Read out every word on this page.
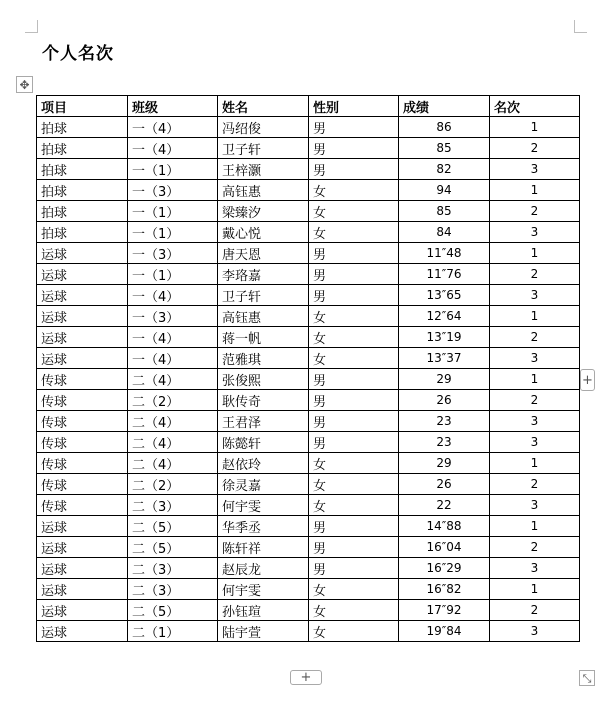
个人名次
✥
项目	班级	姓名	性别	成绩	名次
拍球	一（4）	冯绍俊	男	86	1
拍球	一（4）	卫子轩	男	85	2
拍球	一（1）	王梓灏	男	82	3
拍球	一（3）	高钰惠	女	94	1
拍球	一（1）	梁臻汐	女	85	2
拍球	一（1）	戴心悦	女	84	3
运球	一（3）	唐天恩	男	11″48	1
运球	一（1）	李珞嘉	男	11″76	2
运球	一（4）	卫子轩	男	13″65	3
运球	一（3）	高钰惠	女	12″64	1
运球	一（4）	蒋一帆	女	13″19	2
运球	一（4）	范雅琪	女	13″37	3
传球	二（4）	张俊熙	男	29	1
传球	二（2）	耿传奇	男	26	2
传球	二（4）	王君泽	男	23	3
传球	二（4）	陈懿轩	男	23	3
传球	二（4）	赵依玲	女	29	1
传球	二（2）	徐灵嘉	女	26	2
传球	二（3）	何宇雯	女	22	3
运球	二（5）	华季丞	男	14″88	1
运球	二（5）	陈轩祥	男	16″04	2
运球	二（3）	赵辰龙	男	16″29	3
运球	二（3）	何宇雯	女	16″82	1
运球	二（5）	孙钰瑄	女	17″92	2
运球	二（1）	陆宇萱	女	19″84	3
+
+	⤡
